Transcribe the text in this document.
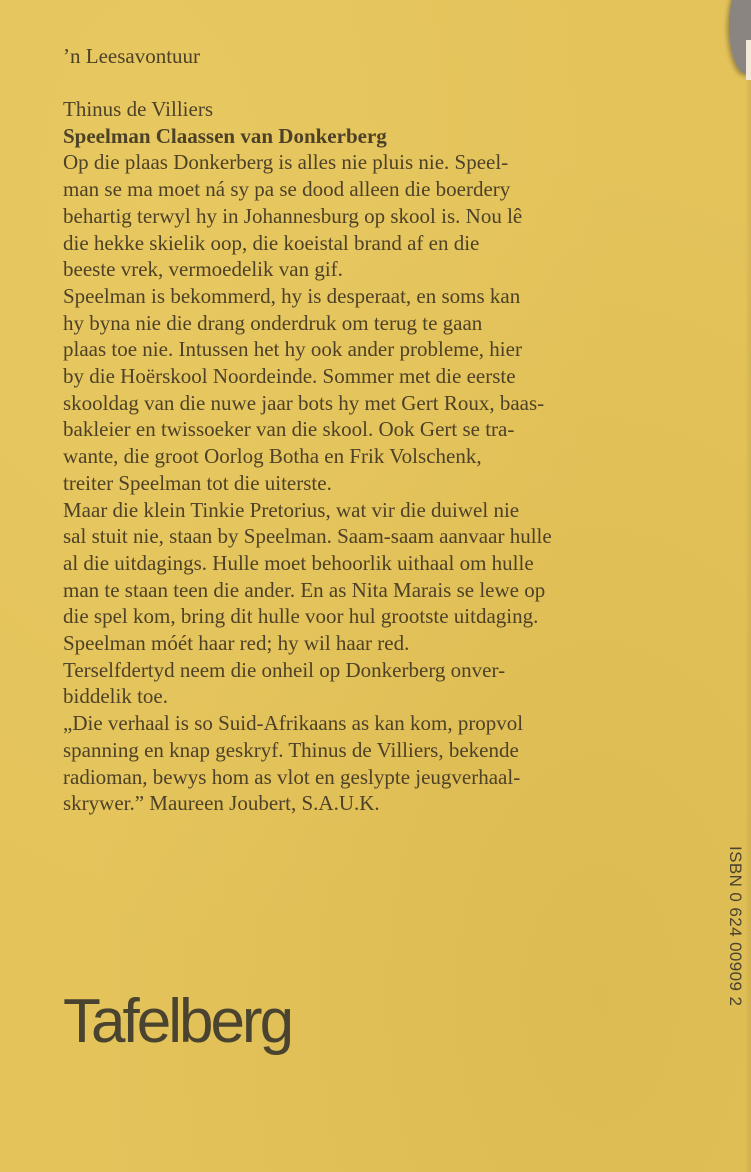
’n Leesavontuur
Thinus de Villiers
Speelman Claassen van Donkerberg
Op die plaas Donkerberg is alles nie pluis nie. Speel-
man se ma moet ná sy pa se dood alleen die boerdery
behartig terwyl hy in Johannesburg op skool is. Nou lê
die hekke skielik oop, die koeistal brand af en die
beeste vrek, vermoedelik van gif.
Speelman is bekommerd, hy is desperaat, en soms kan
hy byna nie die drang onderdruk om terug te gaan
plaas toe nie. Intussen het hy ook ander probleme, hier
by die Hoërskool Noordeinde. Sommer met die eerste
skooldag van die nuwe jaar bots hy met Gert Roux, baas-
bakleier en twissoeker van die skool. Ook Gert se tra-
wante, die groot Oorlog Botha en Frik Volschenk,
treiter Speelman tot die uiterste.
Maar die klein Tinkie Pretorius, wat vir die duiwel nie
sal stuit nie, staan by Speelman. Saam-saam aanvaar hulle
al die uitdagings. Hulle moet behoorlik uithaal om hulle
man te staan teen die ander. En as Nita Marais se lewe op
die spel kom, bring dit hulle voor hul grootste uitdaging.
Speelman móét haar red; hy wil haar red.
Terselfdertyd neem die onheil op Donkerberg onver-
biddelik toe.
„Die verhaal is so Suid-Afrikaans as kan kom, propvol
spanning en knap geskryf. Thinus de Villiers, bekende
radioman, bewys hom as vlot en geslypte jeugverhaal-
skrywer.” Maureen Joubert, S.A.U.K.
Tafelberg
ISBN 0 624 00909 2
